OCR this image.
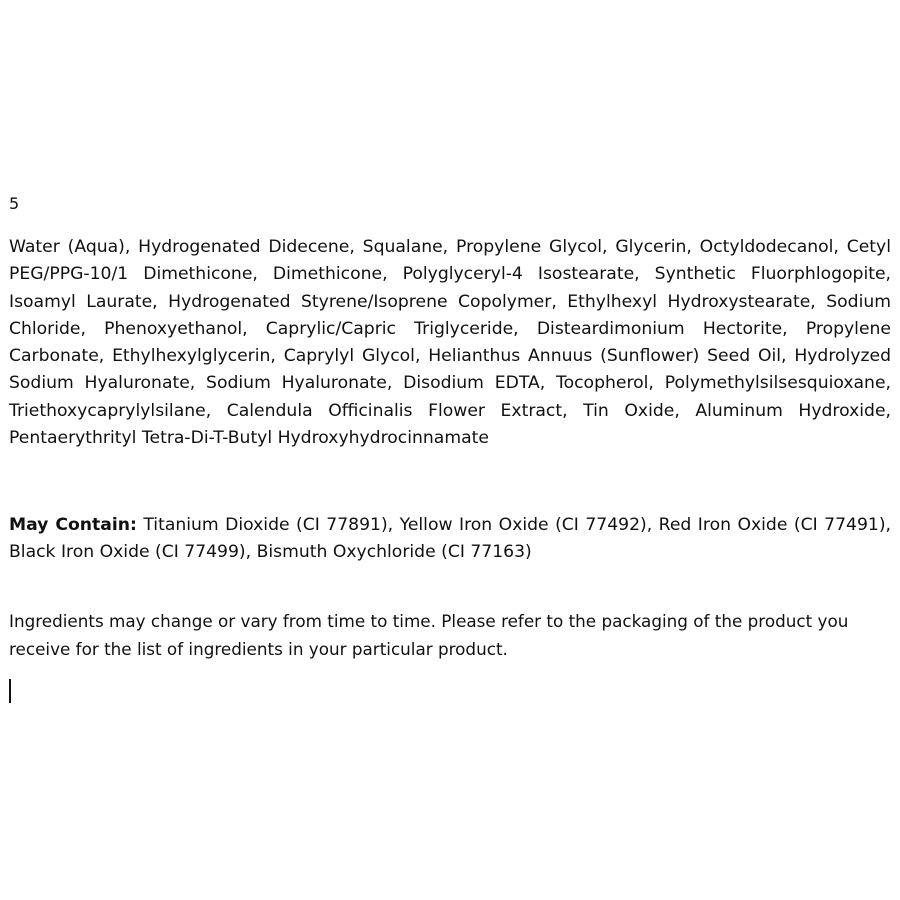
5

Water (Aqua), Hydrogenated Didecene, Squalane, Propylene Glycol, Glycerin, Octyldodecanol, Cetyl PEG/PPG-10/1 Dimethicone, Dimethicone, Polyglyceryl-4 Isostearate, Synthetic Fluorphlogopite, Isoamyl Laurate, Hydrogenated Styrene/Isoprene Copolymer, Ethylhexyl Hydroxystearate, Sodium Chloride, Phenoxyethanol, Caprylic/Capric Triglyceride, Disteardimonium Hectorite, Propylene Carbonate, Ethylhexylglycerin, Caprylyl Glycol, Helianthus Annuus (Sunflower) Seed Oil, Hydrolyzed Sodium Hyaluronate, Sodium Hyaluronate, Disodium EDTA, Tocopherol, Polymethylsilsesquioxane, Triethoxycaprylylsilane, Calendula Officinalis Flower Extract, Tin Oxide, Aluminum Hydroxide, Pentaerythrityl Tetra-Di-T-Butyl Hydroxyhydrocinnamate

May Contain: Titanium Dioxide (CI 77891), Yellow Iron Oxide (CI 77492), Red Iron Oxide (CI 77491), Black Iron Oxide (CI 77499), Bismuth Oxychloride (CI 77163)

Ingredients may change or vary from time to time. Please refer to the packaging of the product you receive for the list of ingredients in your particular product.
